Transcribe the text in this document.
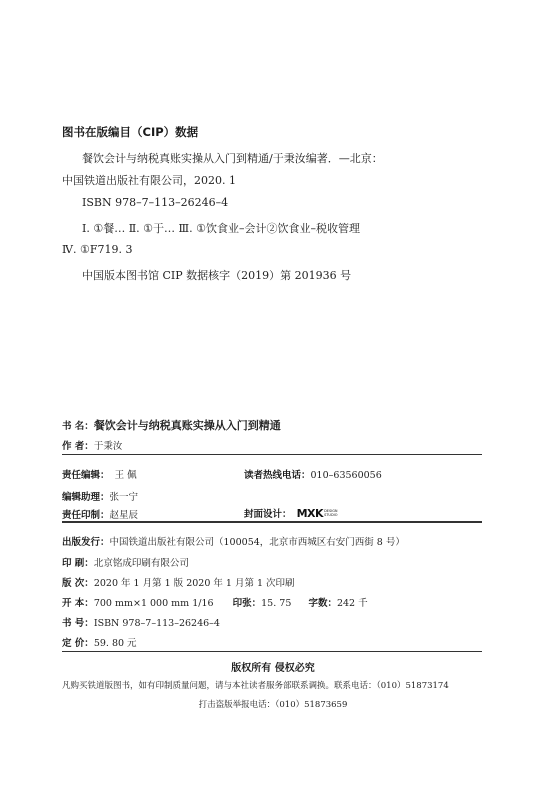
图书在版编目（CIP）数据
餐饮会计与纳税真账实操从入门到精通/于秉汝编著．—北京：
中国铁道出版社有限公司，2020. 1
ISBN 978–7–113–26246–4
Ⅰ. ①餐… Ⅱ. ①于… Ⅲ. ①饮食业–会计②饮食业–税收管理
Ⅳ. ①F719. 3
中国版本图书馆 CIP 数据核字（2019）第 201936 号
书 名：餐饮会计与纳税真账实操从入门到精通
作 者：于秉汝
责任编辑： 王 佩	读者热线电话：010–63560056
编辑助理：张一宁
责任印制：赵星辰	封面设计： MXKDESIGN
STUDIO
出版发行：中国铁道出版社有限公司（100054，北京市西城区右安门西街 8 号）
印 刷：北京铭成印刷有限公司
版 次：2020 年 1 月第 1 版 2020 年 1 月第 1 次印刷
开 本：700 mm×1 000 mm 1/16 印张：15. 75 字数：242 千
书 号：ISBN 978–7–113–26246–4
定 价：59. 80 元
版权所有 侵权必究
凡购买铁道版图书，如有印制质量问题，请与本社读者服务部联系调换。联系电话：（010）51873174
打击盗版举报电话：（010）51873659
